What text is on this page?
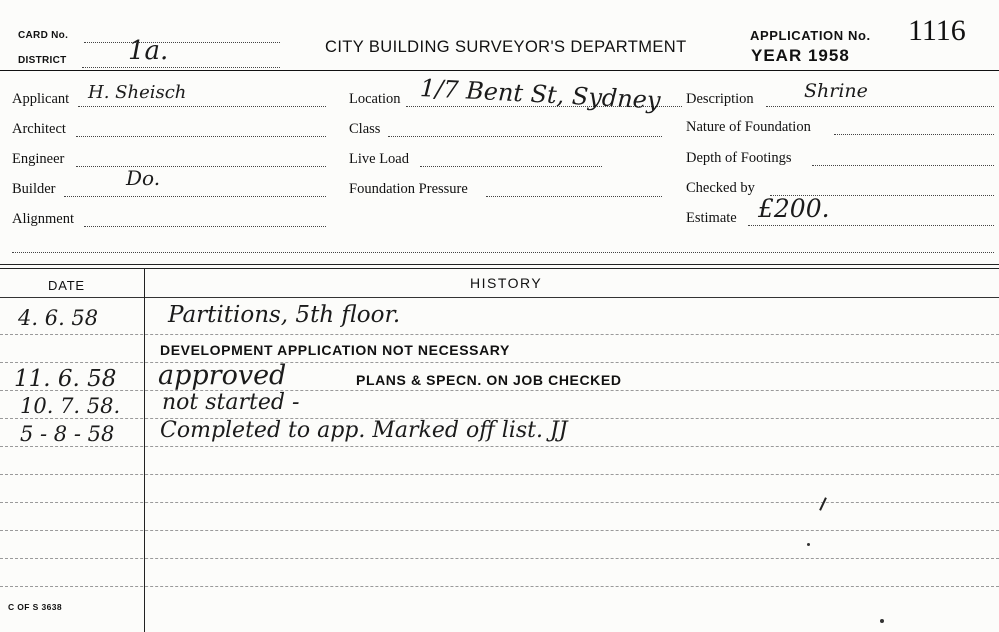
CARD No.
DISTRICT 1a.	CITY BUILDING SURVEYOR'S DEPARTMENT
APPLICATION No. 1116
YEAR 1958
Applicant H. Sheisch
Architect
Engineer
Builder	Do.
Alignment
Location 1/7 Bent St, Sydney
Class
Live Load
Foundation Pressure
Description	Shrine
Nature of Foundation
Depth of Footings
Checked by
Estimate £200.
DATE	HISTORY
4. 6. 58	Partitions, 5th floor.
DEVELOPMENT APPLICATION NOT NECESSARY
11. 6. 58 approved	PLANS & SPECN. ON JOB CHECKED
10. 7. 58. not started -
5 - 8 - 58 Completed to app. Marked off list. JJ
C OF S 3638
